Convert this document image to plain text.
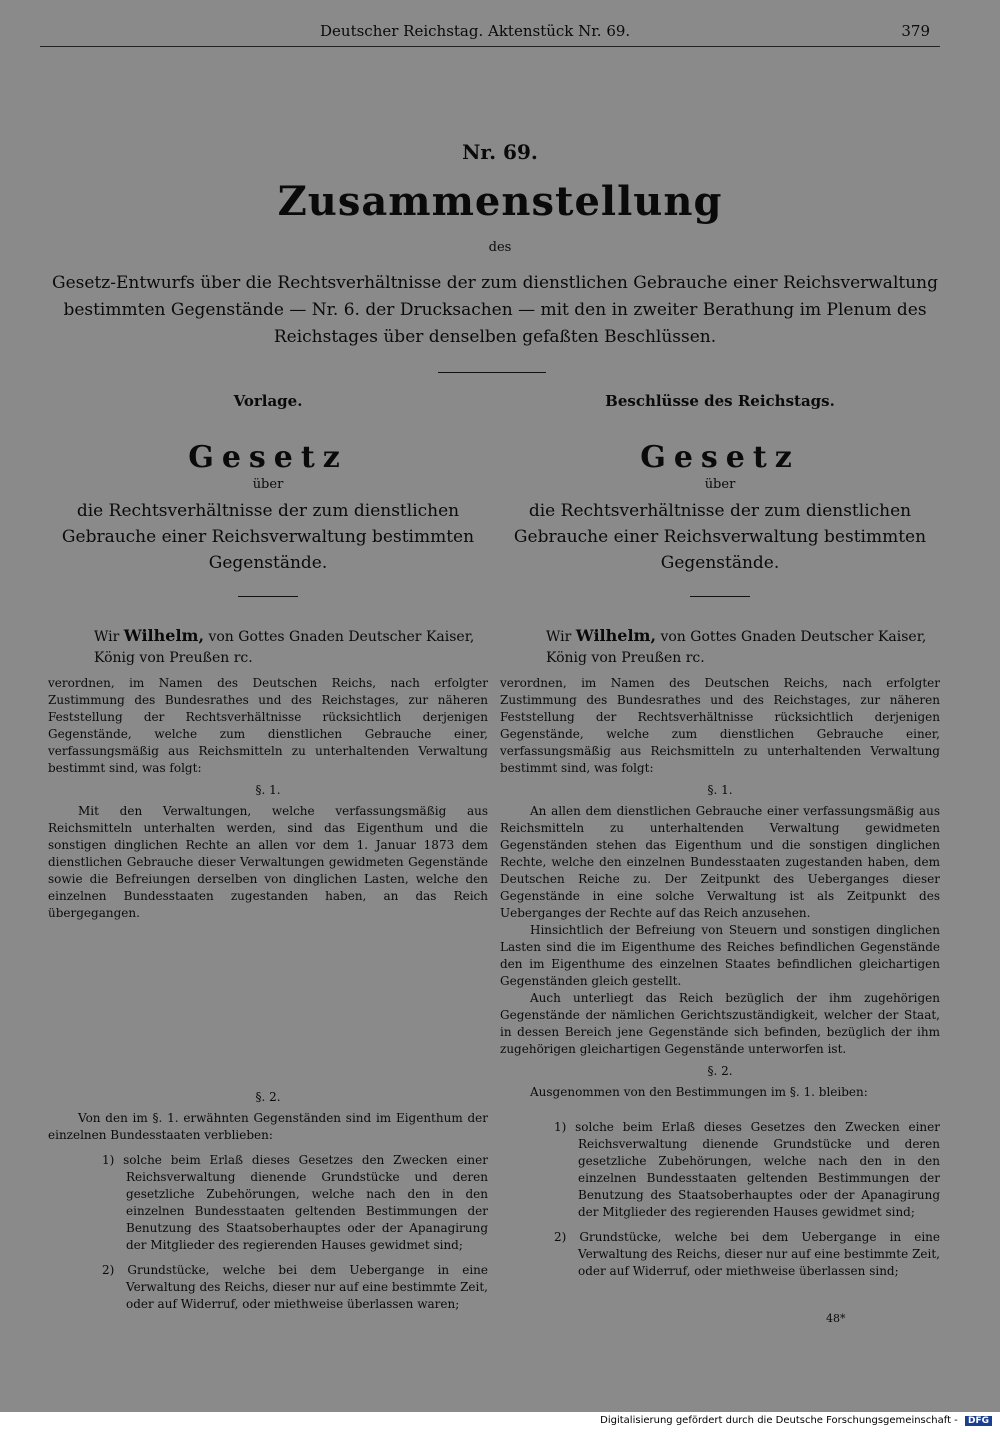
Deutscher Reichstag. Aktenstück Nr. 69.	379
Nr. 69.
Zusammenstellung
des
Gesetz-Entwurfs über die Rechtsverhältnisse der zum dienstlichen Gebrauche einer Reichsverwaltung bestimmten Gegenstände — Nr. 6. der Drucksachen — mit den in zweiter Berathung im Plenum des Reichstages über denselben gefaßten Beschlüssen.
Vorlage.
Gesetz
über
die Rechtsverhältnisse der zum dienstlichen Gebrauche einer Reichsverwaltung bestimmten Gegenstände.
Wir Wilhelm, von Gottes Gnaden Deutscher Kaiser, König von Preußen rc.
verordnen, im Namen des Deutschen Reichs, nach erfolgter Zustimmung des Bundesrathes und des Reichstages, zur näheren Feststellung der Rechtsverhältnisse rücksichtlich derjenigen Gegenstände, welche zum dienstlichen Gebrauche einer, verfassungsmäßig aus Reichsmitteln zu unterhaltenden Verwaltung bestimmt sind, was folgt:
§. 1.
Mit den Verwaltungen, welche verfassungsmäßig aus Reichsmitteln unterhalten werden, sind das Eigenthum und die sonstigen dinglichen Rechte an allen vor dem 1. Januar 1873 dem dienstlichen Gebrauche dieser Verwaltungen gewidmeten Gegenstände sowie die Befreiungen derselben von dinglichen Lasten, welche den einzelnen Bundesstaaten zugestanden haben, an das Reich übergegangen.
§. 2.
Von den im §. 1. erwähnten Gegenständen sind im Eigenthum der einzelnen Bundesstaaten verblieben:
1) solche beim Erlaß dieses Gesetzes den Zwecken einer Reichsverwaltung dienende Grundstücke und deren gesetzliche Zubehörungen, welche nach den in den einzelnen Bundesstaaten geltenden Bestimmungen der Benutzung des Staatsoberhauptes oder der Apanagirung der Mitglieder des regierenden Hauses gewidmet sind;
2) Grundstücke, welche bei dem Uebergange in eine Verwaltung des Reichs, dieser nur auf eine bestimmte Zeit, oder auf Widerruf, oder miethweise überlassen waren;
Beschlüsse des Reichstags.
Gesetz
über
die Rechtsverhältnisse der zum dienstlichen Gebrauche einer Reichsverwaltung bestimmten Gegenstände.
Wir Wilhelm, von Gottes Gnaden Deutscher Kaiser, König von Preußen rc.
verordnen, im Namen des Deutschen Reichs, nach erfolgter Zustimmung des Bundesrathes und des Reichstages, zur näheren Feststellung der Rechtsverhältnisse rücksichtlich derjenigen Gegenstände, welche zum dienstlichen Gebrauche einer, verfassungsmäßig aus Reichsmitteln zu unterhaltenden Verwaltung bestimmt sind, was folgt:
§. 1.
An allen dem dienstlichen Gebrauche einer verfassungsmäßig aus Reichsmitteln zu unterhaltenden Verwaltung gewidmeten Gegenständen stehen das Eigenthum und die sonstigen dinglichen Rechte, welche den einzelnen Bundesstaaten zugestanden haben, dem Deutschen Reiche zu. Der Zeitpunkt des Ueberganges dieser Gegenstände in eine solche Verwaltung ist als Zeitpunkt des Ueberganges der Rechte auf das Reich anzusehen.
Hinsichtlich der Befreiung von Steuern und sonstigen dinglichen Lasten sind die im Eigenthume des Reiches befindlichen Gegenstände den im Eigenthume des einzelnen Staates befindlichen gleichartigen Gegenständen gleich gestellt.
Auch unterliegt das Reich bezüglich der ihm zugehörigen Gegenstände der nämlichen Gerichtszuständigkeit, welcher der Staat, in dessen Bereich jene Gegenstände sich befinden, bezüglich der ihm zugehörigen gleichartigen Gegenstände unterworfen ist.
§. 2.
Ausgenommen von den Bestimmungen im §. 1. bleiben:
1) solche beim Erlaß dieses Gesetzes den Zwecken einer Reichsverwaltung dienende Grundstücke und deren gesetzliche Zubehörungen, welche nach den in den einzelnen Bundesstaaten geltenden Bestimmungen der Benutzung des Staatsoberhauptes oder der Apanagirung der Mitglieder des regierenden Hauses gewidmet sind;
2) Grundstücke, welche bei dem Uebergange in eine Verwaltung des Reichs, dieser nur auf eine bestimmte Zeit, oder auf Widerruf, oder miethweise überlassen sind;
48*
Digitalisierung gefördert durch die Deutsche Forschungsgemeinschaft - DFG
